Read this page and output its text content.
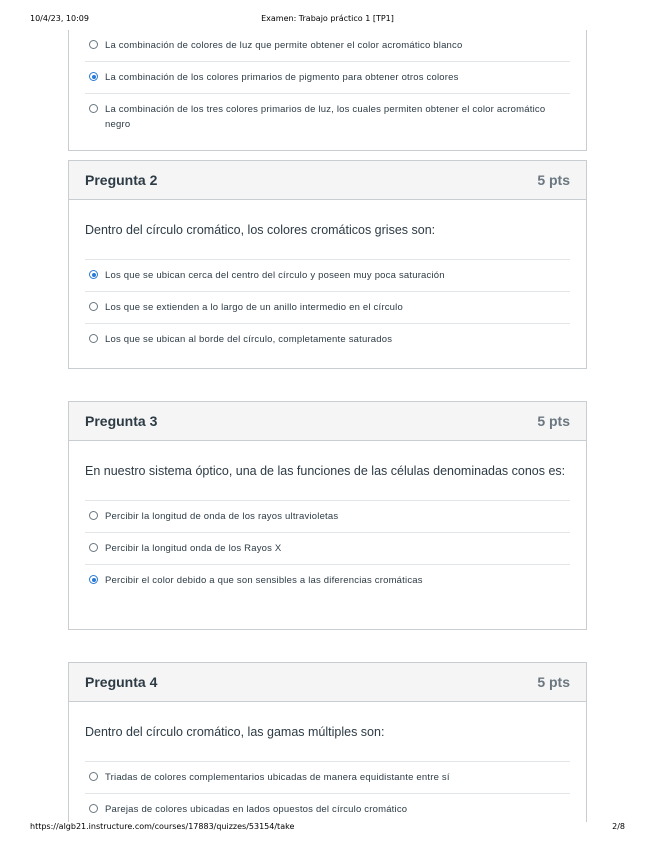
10/4/23, 10:09	Examen: Trabajo práctico 1 [TP1]
La combinación de colores de luz que permite obtener el color acromático blanco
La combinación de los colores primarios de pigmento para obtener otros colores
La combinación de los tres colores primarios de luz, los cuales permiten obtener el color acromático negro
Pregunta 2	5 pts
Dentro del círculo cromático, los colores cromáticos grises son:
Los que se ubican cerca del centro del círculo y poseen muy poca saturación
Los que se extienden a lo largo de un anillo intermedio en el círculo
Los que se ubican al borde del círculo, completamente saturados
Pregunta 3	5 pts
En nuestro sistema óptico, una de las funciones de las células denominadas conos es:
Percibir la longitud de onda de los rayos ultravioletas
Percibir la longitud onda de los Rayos X
Percibir el color debido a que son sensibles a las diferencias cromáticas
Pregunta 4	5 pts
Dentro del círculo cromático, las gamas múltiples son:
Triadas de colores complementarios ubicadas de manera equidistante entre sí
Parejas de colores ubicadas en lados opuestos del círculo cromático
https://algb21.instructure.com/courses/17883/quizzes/53154/take	2/8
